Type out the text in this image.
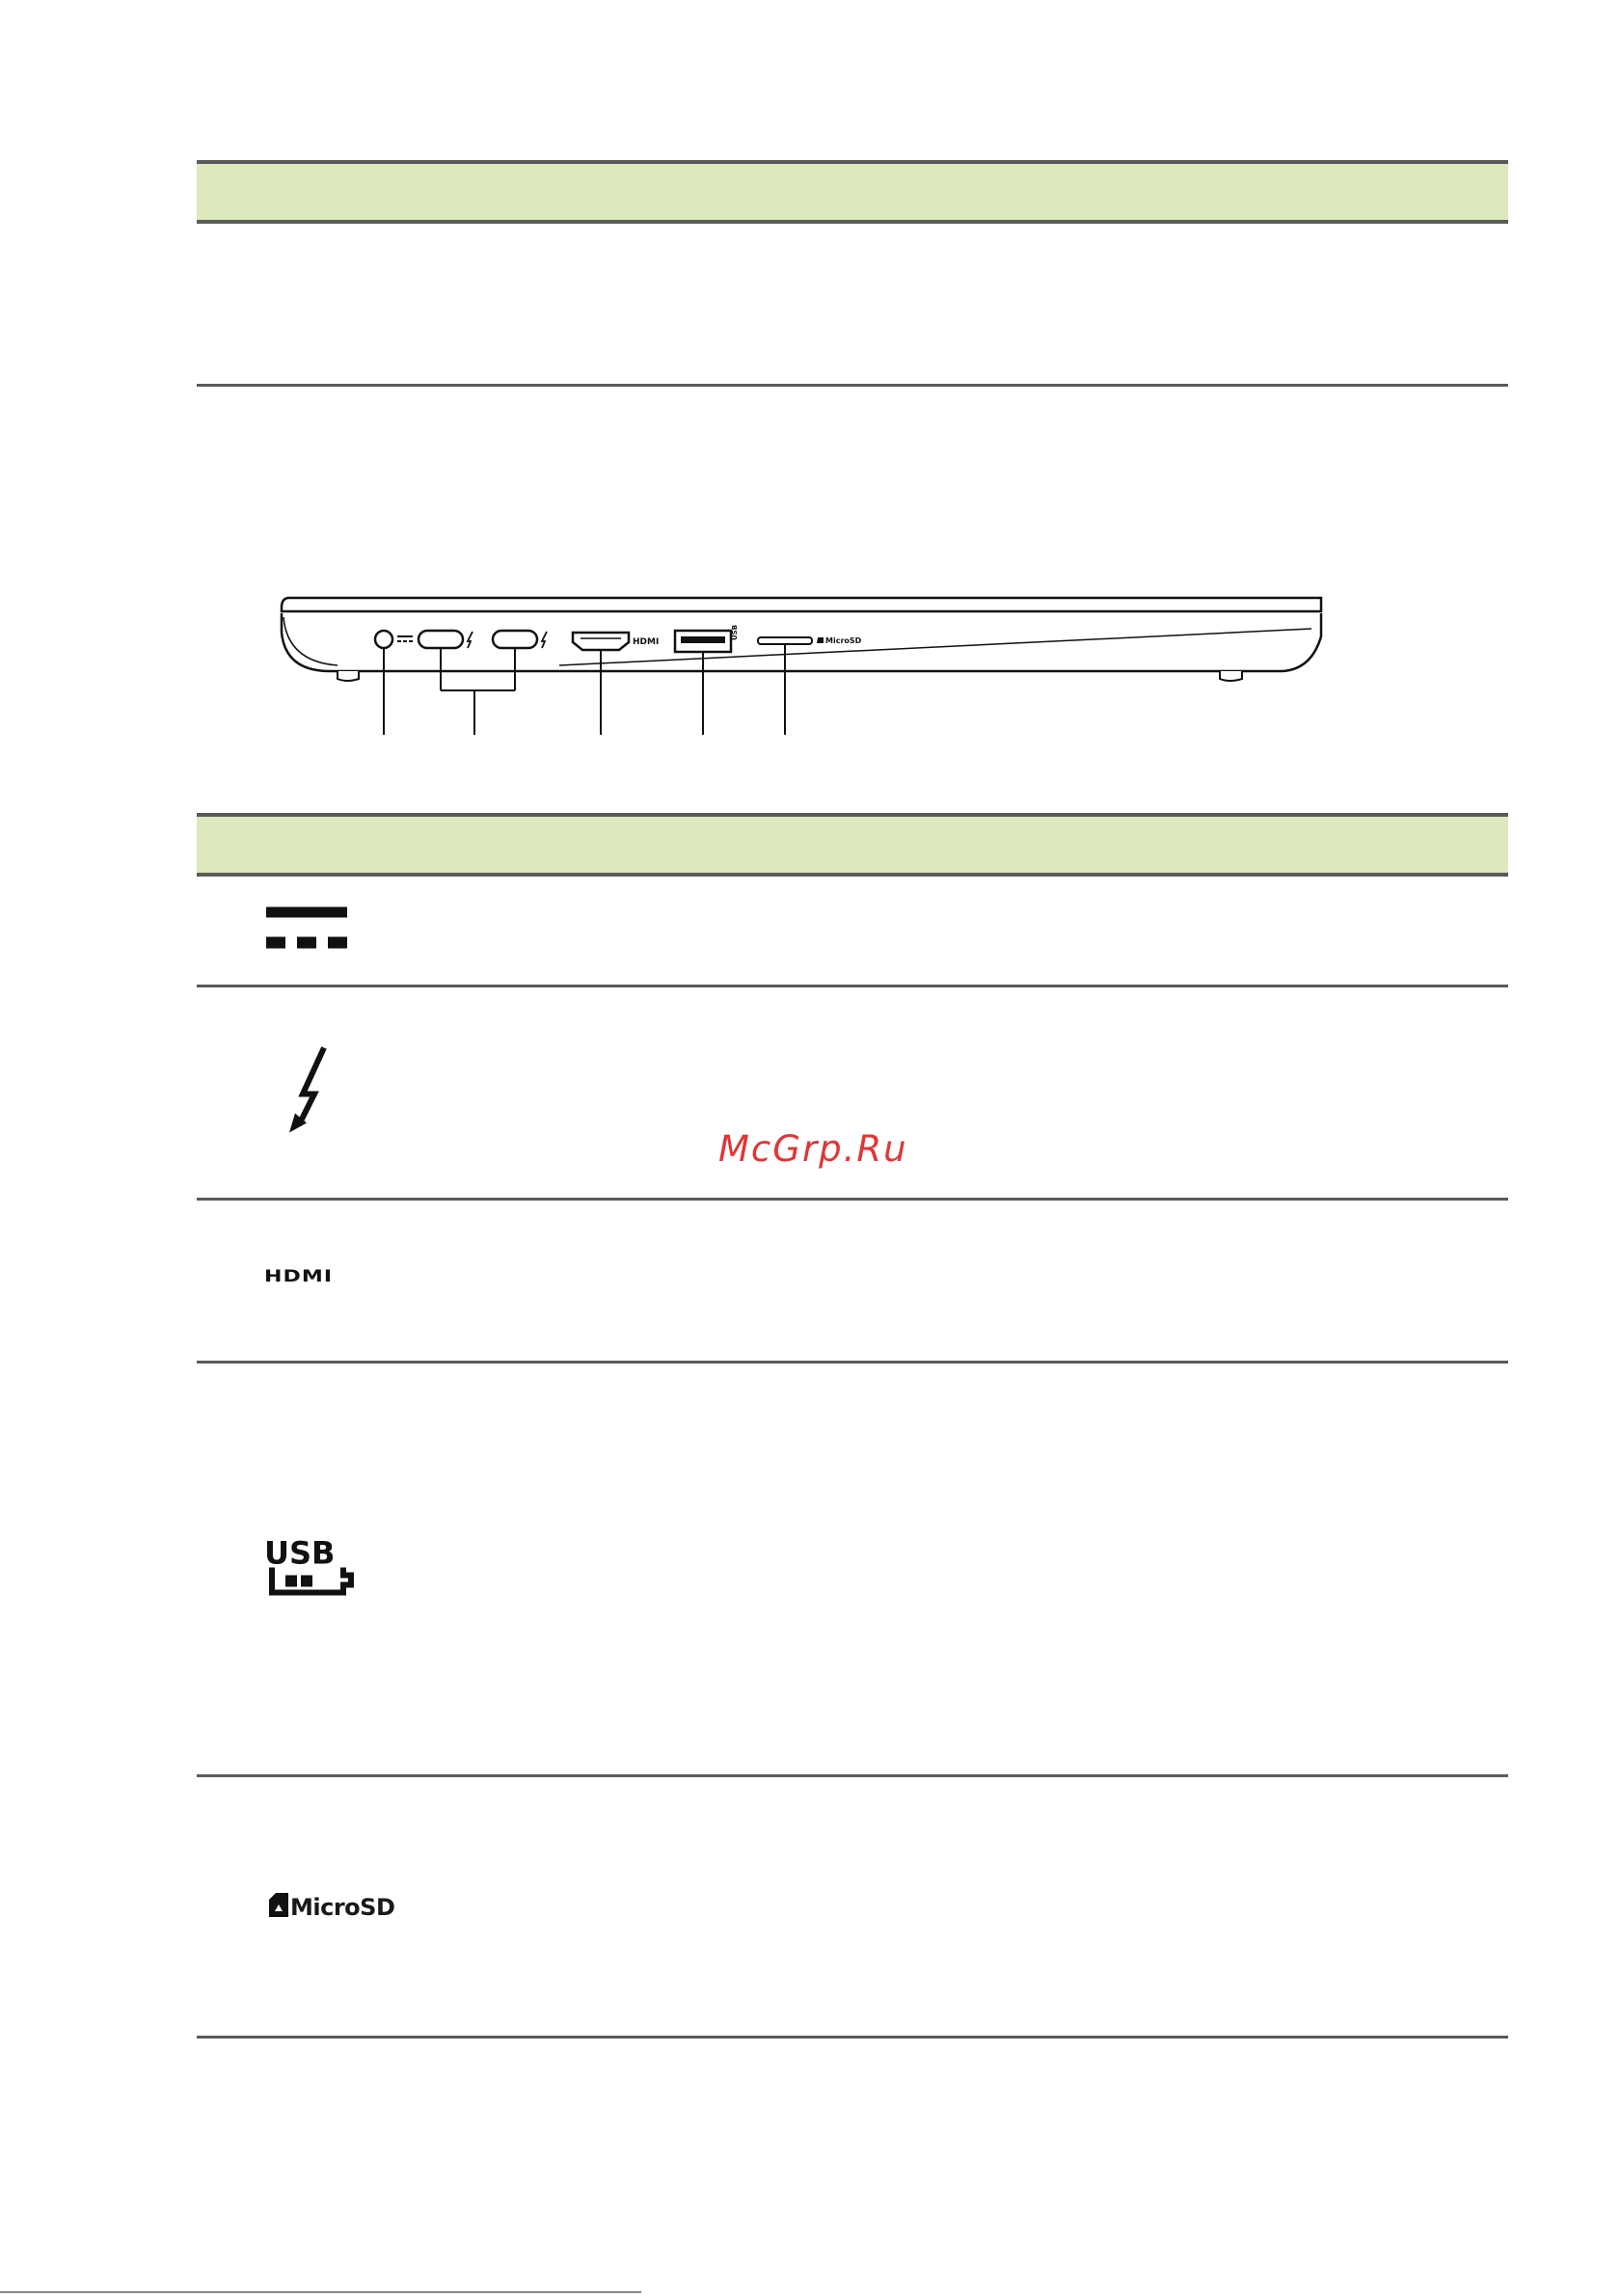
HDMI
USB
MicroSD
McGrp.Ru
HDMI
USB
MicroSD
